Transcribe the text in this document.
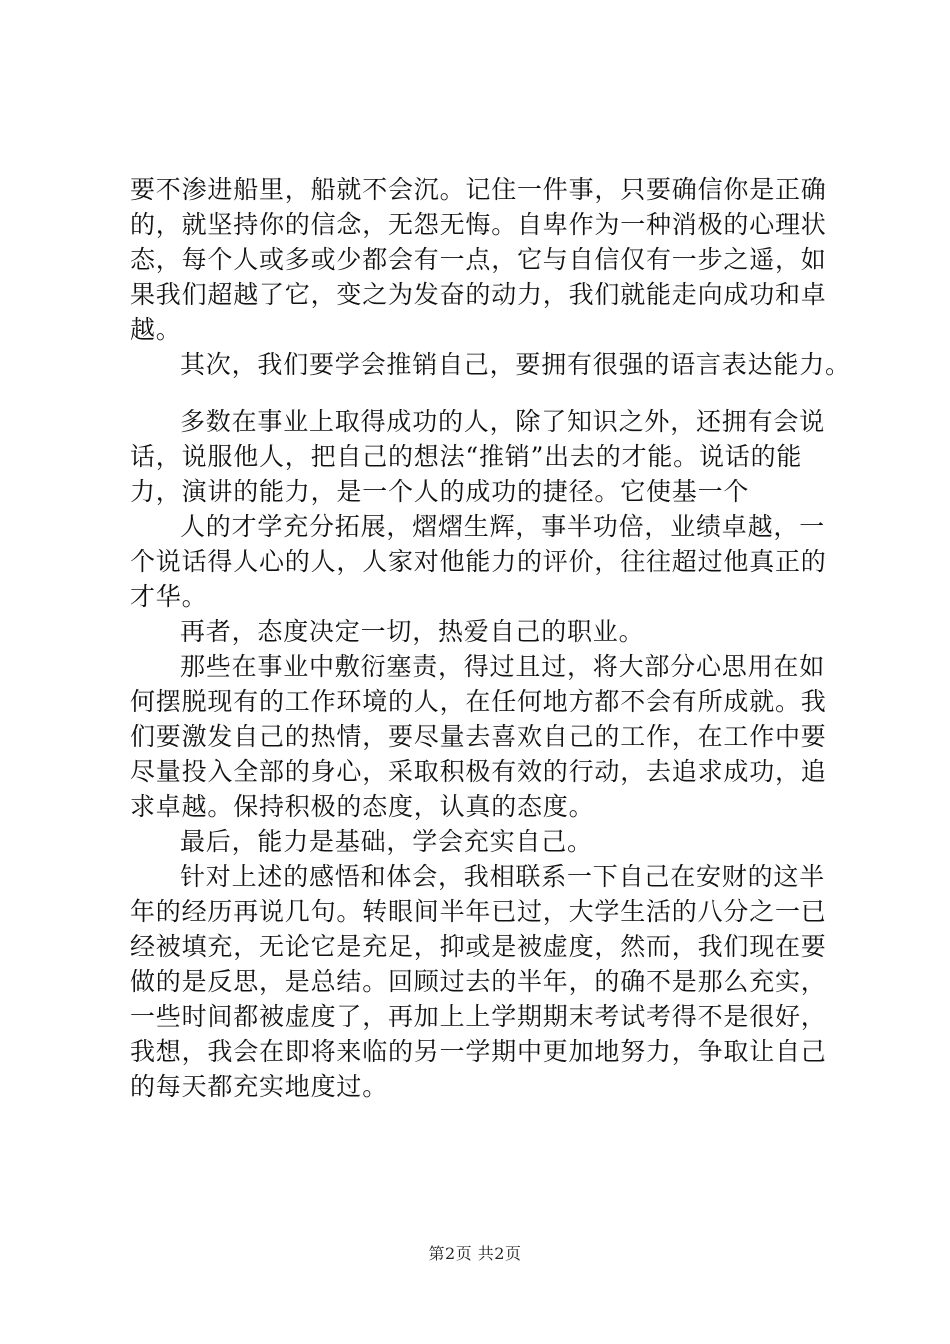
要不渗进船里，船就不会沉。记住一件事，只要确信你是正确
的，就坚持你的信念，无怨无悔。自卑作为一种消极的心理状
态，每个人或多或少都会有一点，它与自信仅有一步之遥，如
果我们超越了它，变之为发奋的动力，我们就能走向成功和卓
越。
其次，我们要学会推销自己，要拥有很强的语言表达能力。
多数在事业上取得成功的人，除了知识之外，还拥有会说
话，说服他人，把自己的想法“推销”出去的才能。说话的能
力，演讲的能力，是一个人的成功的捷径。它使基一个
人的才学充分拓展，熠熠生辉，事半功倍，业绩卓越，一
个说话得人心的人，人家对他能力的评价，往往超过他真正的
才华。
再者，态度决定一切，热爱自己的职业。
那些在事业中敷衍塞责，得过且过，将大部分心思用在如
何摆脱现有的工作环境的人，在任何地方都不会有所成就。我
们要激发自己的热情，要尽量去喜欢自己的工作，在工作中要
尽量投入全部的身心，采取积极有效的行动，去追求成功，追
求卓越。保持积极的态度，认真的态度。
最后，能力是基础，学会充实自己。
针对上述的感悟和体会，我相联系一下自己在安财的这半
年的经历再说几句。转眼间半年已过，大学生活的八分之一已
经被填充，无论它是充足，抑或是被虚度，然而，我们现在要
做的是反思，是总结。回顾过去的半年，的确不是那么充实，
一些时间都被虚度了，再加上上学期期末考试考得不是很好，
我想，我会在即将来临的另一学期中更加地努力，争取让自己
的每天都充实地度过。
第2页 共2页
